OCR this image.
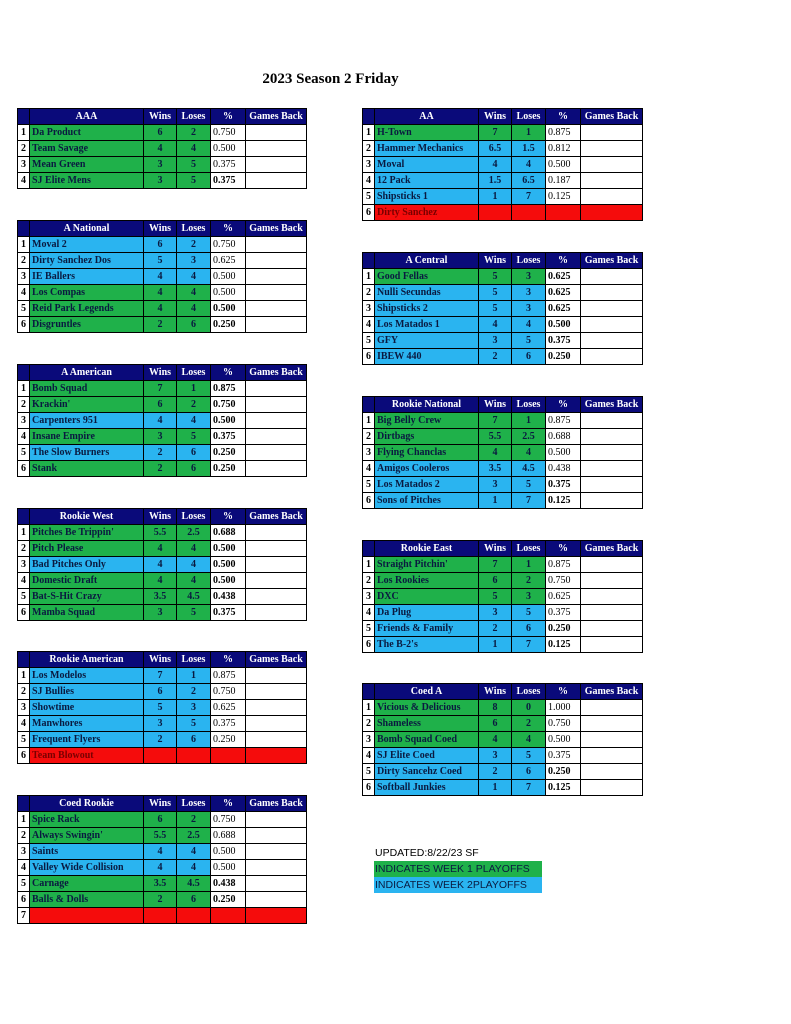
2023 Season 2 Friday
	AAA	Wins	Loses	%	Games Back
1	Da Product	6	2	0.750	
2	Team Savage	4	4	0.500	
3	Mean Green	3	5	0.375	
4	SJ Elite Mens	3	5	0.375	
	AA	Wins	Loses	%	Games Back
1	H-Town	7	1	0.875	
2	Hammer Mechanics	6.5	1.5	0.812	
3	Moval	4	4	0.500	
4	12 Pack	1.5	6.5	0.187	
5	Shipsticks 1	1	7	0.125	
6	Dirty Sanchez				
	A National	Wins	Loses	%	Games Back
1	Moval 2	6	2	0.750	
2	Dirty Sanchez Dos	5	3	0.625	
3	IE Ballers	4	4	0.500	
4	Los Compas	4	4	0.500	
5	Reid Park Legends	4	4	0.500	
6	Disgruntles	2	6	0.250	
	A Central	Wins	Loses	%	Games Back
1	Good Fellas	5	3	0.625	
2	Nulli Secundas	5	3	0.625	
3	Shipsticks 2	5	3	0.625	
4	Los Matados 1	4	4	0.500	
5	GFY	3	5	0.375	
6	IBEW 440	2	6	0.250	
	A American	Wins	Loses	%	Games Back
1	Bomb Squad	7	1	0.875	
2	Krackin'	6	2	0.750	
3	Carpenters 951	4	4	0.500	
4	Insane Empire	3	5	0.375	
5	The Slow Burners	2	6	0.250	
6	Stank	2	6	0.250	
	Rookie National	Wins	Loses	%	Games Back
1	Big Belly Crew	7	1	0.875	
2	Dirtbags	5.5	2.5	0.688	
3	Flying Chanclas	4	4	0.500	
4	Amigos Cooleros	3.5	4.5	0.438	
5	Los Matados 2	3	5	0.375	
6	Sons of Pitches	1	7	0.125	
	Rookie West	Wins	Loses	%	Games Back
1	Pitches Be Trippin'	5.5	2.5	0.688	
2	Pitch Please	4	4	0.500	
3	Bad Pitches Only	4	4	0.500	
4	Domestic Draft	4	4	0.500	
5	Bat-S-Hit Crazy	3.5	4.5	0.438	
6	Mamba Squad	3	5	0.375	
	Rookie East	Wins	Loses	%	Games Back
1	Straight Pitchin'	7	1	0.875	
2	Los Rookies	6	2	0.750	
3	DXC	5	3	0.625	
4	Da Plug	3	5	0.375	
5	Friends & Family	2	6	0.250	
6	The B-2's	1	7	0.125	
	Rookie American	Wins	Loses	%	Games Back
1	Los Modelos	7	1	0.875	
2	SJ Bullies	6	2	0.750	
3	Showtime	5	3	0.625	
4	Manwhores	3	5	0.375	
5	Frequent Flyers	2	6	0.250	
6	Team Blowout				
	Coed A	Wins	Loses	%	Games Back
1	Vicious & Delicious	8	0	1.000	
2	Shameless	6	2	0.750	
3	Bomb Squad Coed	4	4	0.500	
4	SJ Elite Coed	3	5	0.375	
5	Dirty Sancehz Coed	2	6	0.250	
6	Softball Junkies	1	7	0.125	
	Coed Rookie	Wins	Loses	%	Games Back
1	Spice Rack	6	2	0.750	
2	Always Swingin'	5.5	2.5	0.688	
3	Saints	4	4	0.500	
4	Valley Wide Collision	4	4	0.500	
5	Carnage	3.5	4.5	0.438	
6	Balls & Dolls	2	6	0.250	
7					
UPDATED:8/22/23 SF
INDICATES WEEK 1 PLAYOFFS
INDICATES WEEK 2PLAYOFFS
